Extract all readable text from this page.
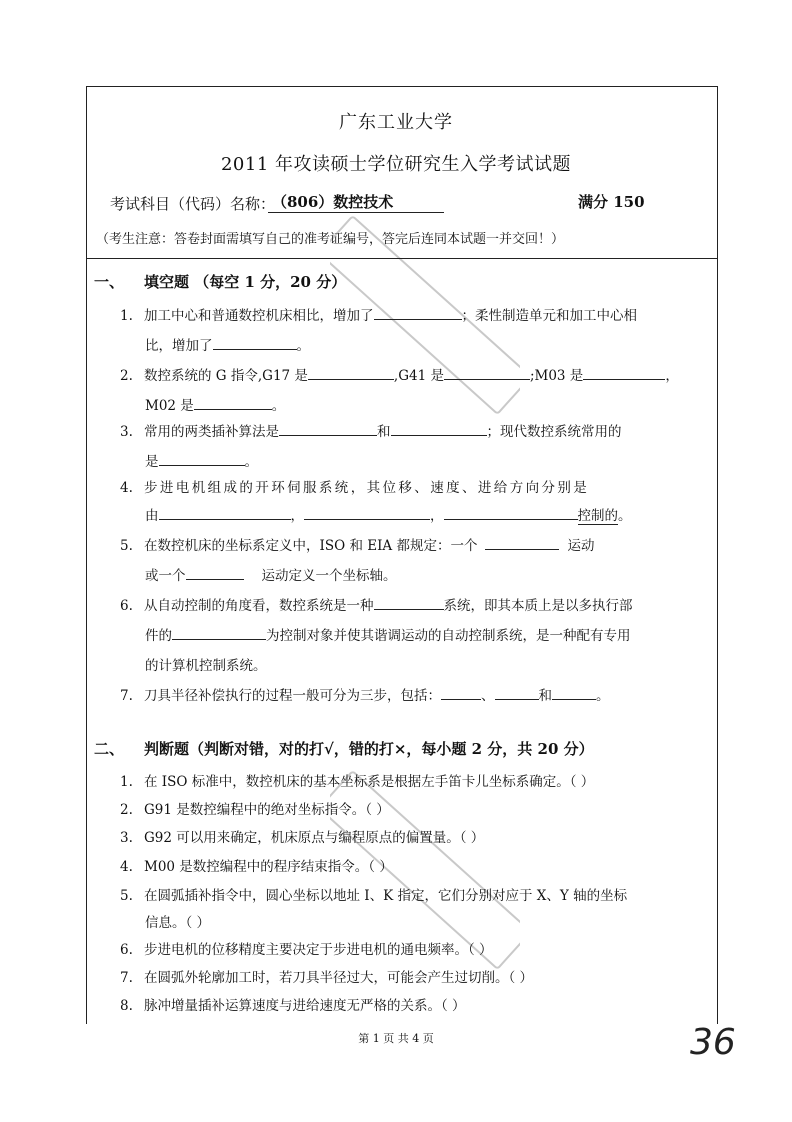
广东工业大学
2011 年攻读硕士学位研究生入学考试试题
考试科目（代码）名称：
（806）数控技术	满分 150
（考生注意：答卷封面需填写自己的准考证编号，答完后连同本试题一并交回！）
一、 填空题 （每空 1 分，20 分）
1. 加工中心和普通数控机床相比，增加了	；柔性制造单元和加工中心相
比，增加了	。
2. 数控系统的 G 指令,G17 是	,G41 是	;M03 是	，
M02 是	。
3. 常用的两类插补算法是	和	；现代数控系统常用的
是	。
4. 步进电机组成的开环伺服系统，其位移、速度、进给方向分别是
由	，	，	控制的。
5. 在数控机床的坐标系定义中，ISO 和 EIA 都规定：一个	运动
或一个	运动定义一个坐标轴。
6. 从自动控制的角度看，数控系统是一种	系统，即其本质上是以多执行部
件的	为控制对象并使其谐调运动的自动控制系统，是一种配有专用
的计算机控制系统。
7. 刀具半径补偿执行的过程一般可分为三步，包括：	、	和	。
二、 判断题（判断对错，对的打√，错的打×，每小题 2 分，共 20 分）
1. 在 ISO 标准中，数控机床的基本坐标系是根据左手笛卡儿坐标系确定。（ ）
2. G91 是数控编程中的绝对坐标指令。（ ）
3. G92 可以用来确定，机床原点与编程原点的偏置量。（ ）
4. M00 是数控编程中的程序结束指令。（ ）
5. 在圆弧插补指令中，圆心坐标以地址 I、K 指定，它们分别对应于 X、Y 轴的坐标
信息。（ ）
6. 步进电机的位移精度主要决定于步进电机的通电频率。（ ）
7. 在圆弧外轮廓加工时，若刀具半径过大，可能会产生过切削。（ ）
8. 脉冲增量插补运算速度与进给速度无严格的关系。（ ）
第 1 页 共 4 页	36
